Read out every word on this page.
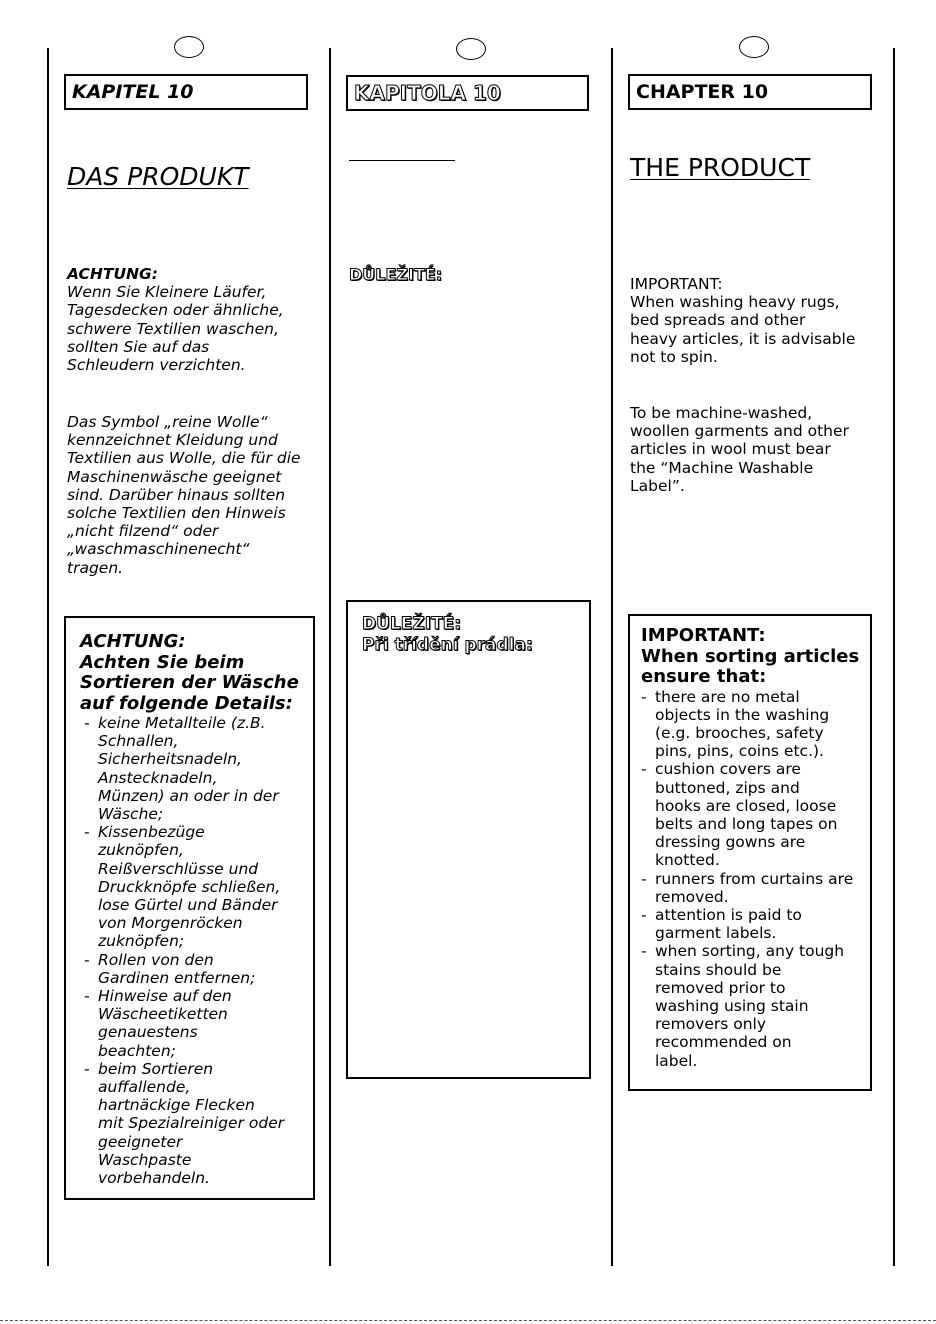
KAPITEL 10
DAS PRODUKT
ACHTUNG:
Wenn Sie Kleinere Läufer,
Tagesdecken oder ähnliche,
schwere Textilien waschen,
sollten Sie auf das
Schleudern verzichten.
Das Symbol „reine Wolle“
kennzeichnet Kleidung und
Textilien aus Wolle, die für die
Maschinenwäsche geeignet
sind. Darüber hinaus sollten
solche Textilien den Hinweis
„nicht filzend“ oder
„waschmaschinenecht“
tragen.
ACHTUNG:
Achten Sie beim
Sortieren der Wäsche
auf folgende Details:
- keine Metallteile (z.B.
Schnallen,
Sicherheitsnadeln,
Anstecknadeln,
Münzen) an oder in der
Wäsche;
- Kissenbezüge
zuknöpfen,
Reißverschlüsse und
Druckknöpfe schließen,
lose Gürtel und Bänder
von Morgenröcken
zuknöpfen;
- Rollen von den
Gardinen entfernen;
- Hinweise auf den
Wäscheetiketten
genauestens
beachten;
- beim Sortieren
auffallende,
hartnäckige Flecken
mit Spezialreiniger oder
geeigneter
Waschpaste
vorbehandeln.
KAPITOLA 10
DŮLEŽITÉ:
DŮLEŽITÉ:
Při třídění prádla:
CHAPTER 10
THE PRODUCT
IMPORTANT:
When washing heavy rugs,
bed spreads and other
heavy articles, it is advisable
not to spin.
To be machine-washed,
woollen garments and other
articles in wool must bear
the “Machine Washable
Label”.
IMPORTANT:
When sorting articles
ensure that:
- there are no metal
objects in the washing
(e.g. brooches, safety
pins, pins, coins etc.).
- cushion covers are
buttoned, zips and
hooks are closed, loose
belts and long tapes on
dressing gowns are
knotted.
- runners from curtains are
removed.
- attention is paid to
garment labels.
- when sorting, any tough
stains should be
removed prior to
washing using stain
removers only
recommended on
label.
